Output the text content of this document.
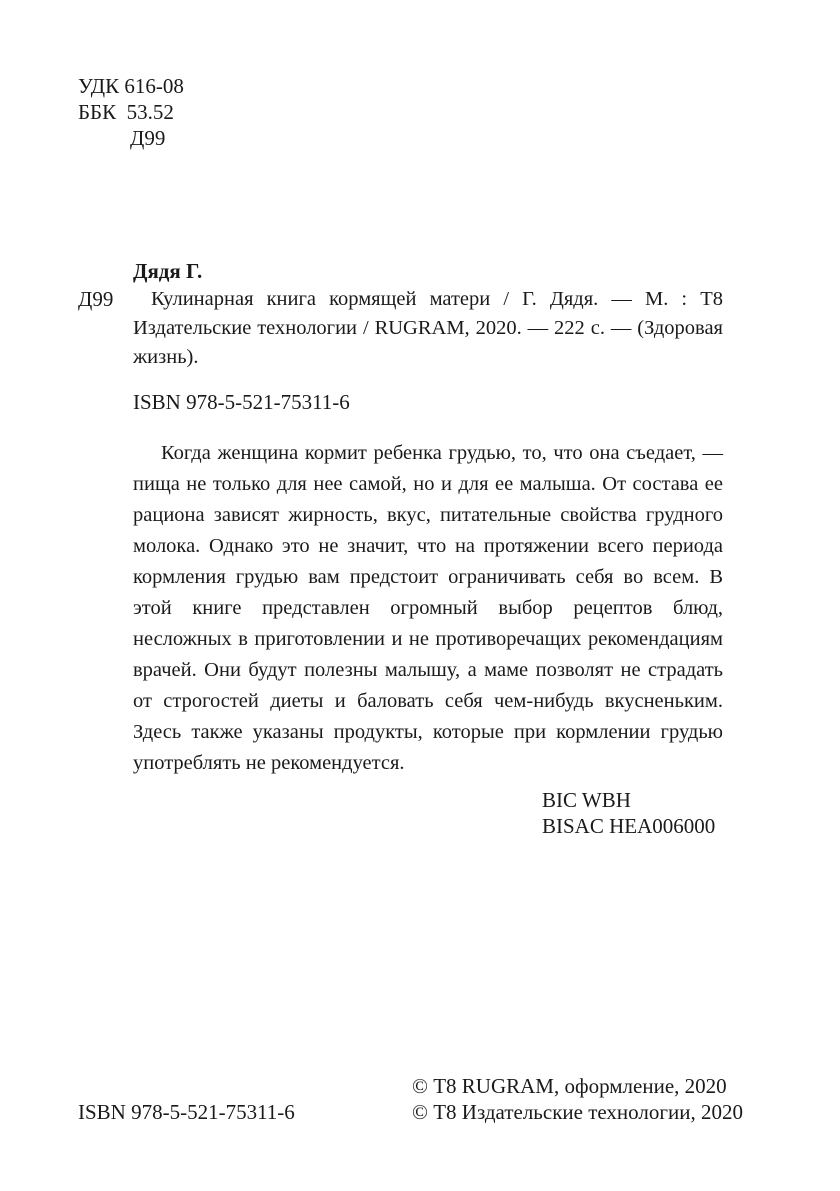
УДК 616-08
ББК 53.52
Д99
Дядя Г.
Д99	Кулинарная книга кормящей матери / Г. Дядя. — М. : Т8 Издательские технологии / RUGRAM, 2020. — 222 с. — (Здоровая жизнь).

ISBN 978-5-521-75311-6

Когда женщина кормит ребенка грудью, то, что она съедает, — пища не только для нее самой, но и для ее малыша. От состава ее рациона зависят жирность, вкус, питательные свойства грудного молока. Однако это не значит, что на протяжении всего периода кормления грудью вам предстоит ограничивать себя во всем. В этой книге представлен огромный выбор рецептов блюд, несложных в приготовлении и не противоречащих рекомендациям врачей. Они будут полезны малышу, а маме позволят не страдать от строгостей диеты и баловать себя чем-нибудь вкусненьким. Здесь также указаны продукты, которые при кормлении грудью употреблять не рекомендуется.

BIC WBH
BISAC HEA006000
© Т8 RUGRAM, оформление, 2020
ISBN 978-5-521-75311-6	© Т8 Издательские технологии, 2020
